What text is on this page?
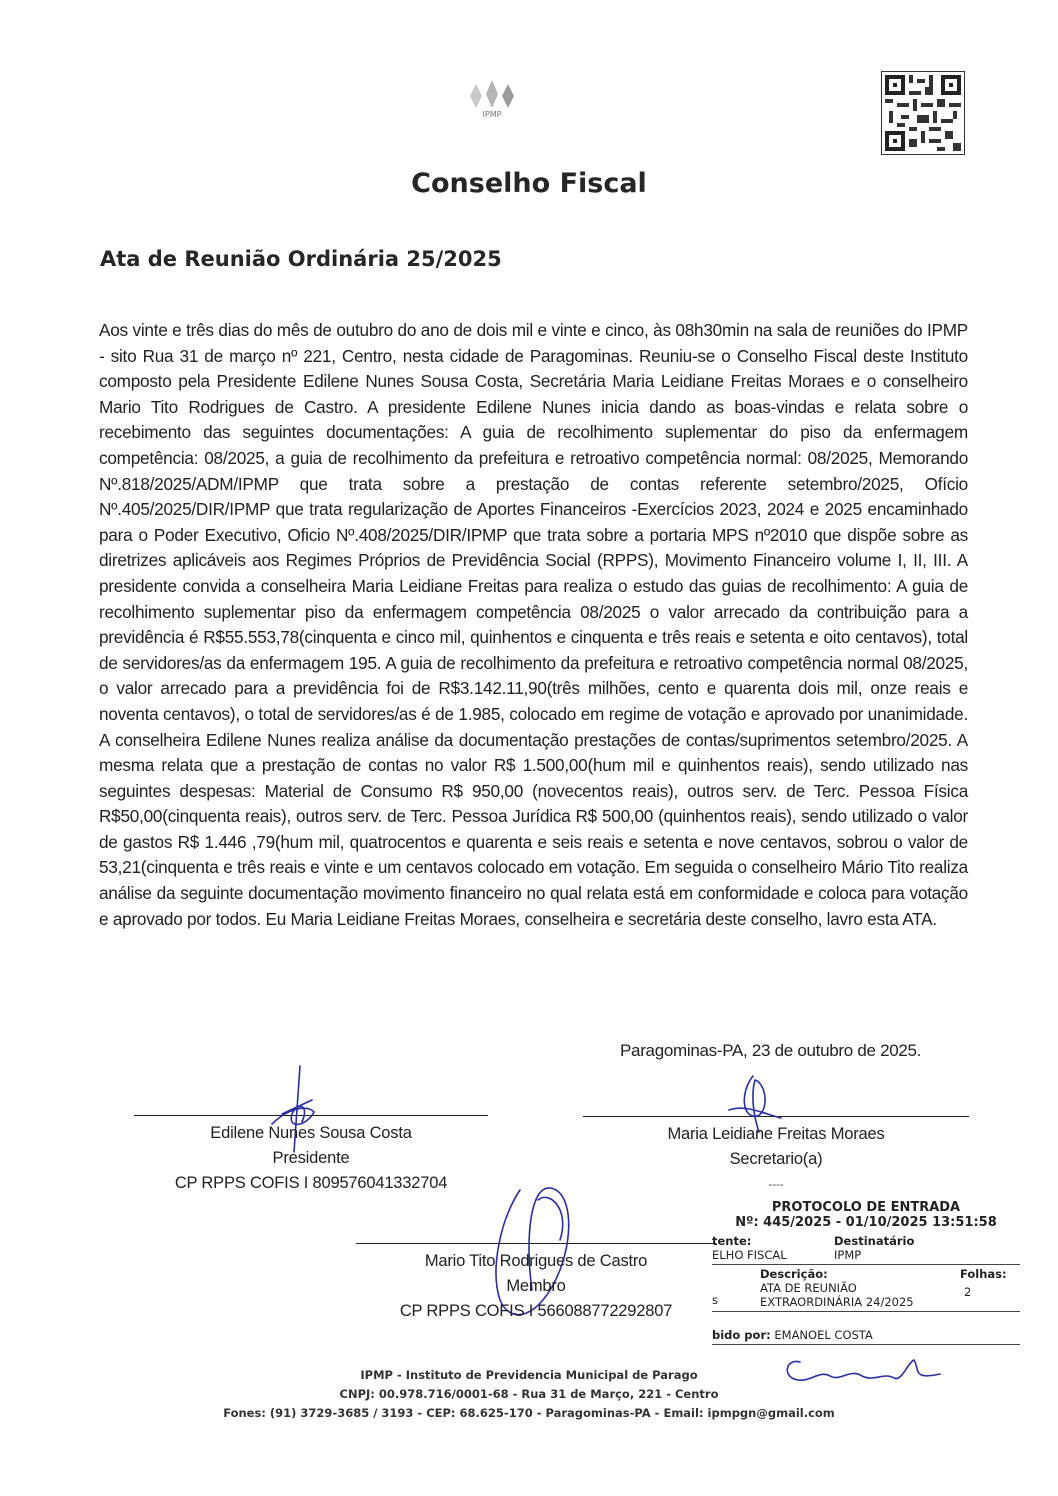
IPMP
Conselho Fiscal
Ata de Reunião Ordinária 25/2025
Aos vinte e três dias do mês de outubro do ano de dois mil e vinte e cinco, às 08h30min na sala de reuniões do IPMP - sito Rua 31 de março nº 221, Centro, nesta cidade de Paragominas. Reuniu-se o Conselho Fiscal deste Instituto composto pela Presidente Edilene Nunes Sousa Costa, Secretária Maria Leidiane Freitas Moraes e o conselheiro Mario Tito Rodrigues de Castro. A presidente Edilene Nunes inicia dando as boas-vindas e relata sobre o recebimento das seguintes documentações: A guia de recolhimento suplementar do piso da enfermagem competência: 08/2025, a guia de recolhimento da prefeitura e retroativo competência normal: 08/2025, Memorando Nº.818/2025/ADM/IPMP que trata sobre a prestação de contas referente setembro/2025, Ofício Nº.405/2025/DIR/IPMP que trata regularização de Aportes Financeiros -Exercícios 2023, 2024 e 2025 encaminhado para o Poder Executivo, Oficio Nº.408/2025/DIR/IPMP que trata sobre a portaria MPS nº2010 que dispõe sobre as diretrizes aplicáveis aos Regimes Próprios de Previdência Social (RPPS), Movimento Financeiro volume I, II, III. A presidente convida a conselheira Maria Leidiane Freitas para realiza o estudo das guias de recolhimento: A guia de recolhimento suplementar piso da enfermagem competência 08/2025 o valor arrecado da contribuição para a previdência é R$55.553,78(cinquenta e cinco mil, quinhentos e cinquenta e três reais e setenta e oito centavos), total de servidores/as da enfermagem 195. A guia de recolhimento da prefeitura e retroativo competência normal 08/2025, o valor arrecado para a previdência foi de R$3.142.11,90(três milhões, cento e quarenta dois mil, onze reais e noventa centavos), o total de servidores/as é de 1.985, colocado em regime de votação e aprovado por unanimidade. A conselheira Edilene Nunes realiza análise da documentação prestações de contas/suprimentos setembro/2025. A mesma relata que a prestação de contas no valor R$ 1.500,00(hum mil e quinhentos reais), sendo utilizado nas seguintes despesas: Material de Consumo R$ 950,00 (novecentos reais), outros serv. de Terc. Pessoa Física R$50,00(cinquenta reais), outros serv. de Terc. Pessoa Jurídica R$ 500,00 (quinhentos reais), sendo utilizado o valor de gastos R$ 1.446 ,79(hum mil, quatrocentos e quarenta e seis reais e setenta e nove centavos, sobrou o valor de 53,21(cinquenta e três reais e vinte e um centavos colocado em votação. Em seguida o conselheiro Mário Tito realiza análise da seguinte documentação movimento financeiro no qual relata está em conformidade e coloca para votação e aprovado por todos. Eu Maria Leidiane Freitas Moraes, conselheira e secretária deste conselho, lavro esta ATA.
Paragominas-PA, 23 de outubro de 2025.
Edilene Nunes Sousa Costa
Presidente
CP RPPS COFIS I 809576041332704
Maria Leidiane Freitas Moraes
Secretario(a)
----
Mario Tito Rodrigues de Castro
Membro
CP RPPS COFIS I 566088772292807
PROTOCOLO DE ENTRADA
Nº: 445/2025 - 01/10/2025 13:51:58
tente:
ELHO FISCAL
Destinatário
IPMP
s
Descrição:
ATA DE REUNIÃO
EXTRAORDINÁRIA 24/2025
Folhas:
2
bido por:
EMANOEL COSTA
IPMP - Instituto de Previdencia Municipal de Parago
CNPJ: 00.978.716/0001-68 - Rua 31 de Março, 221 - Centro
Fones: (91) 3729-3685 / 3193 - CEP: 68.625-170 - Paragominas-PA - Email: ipmpgn@gmail.com
